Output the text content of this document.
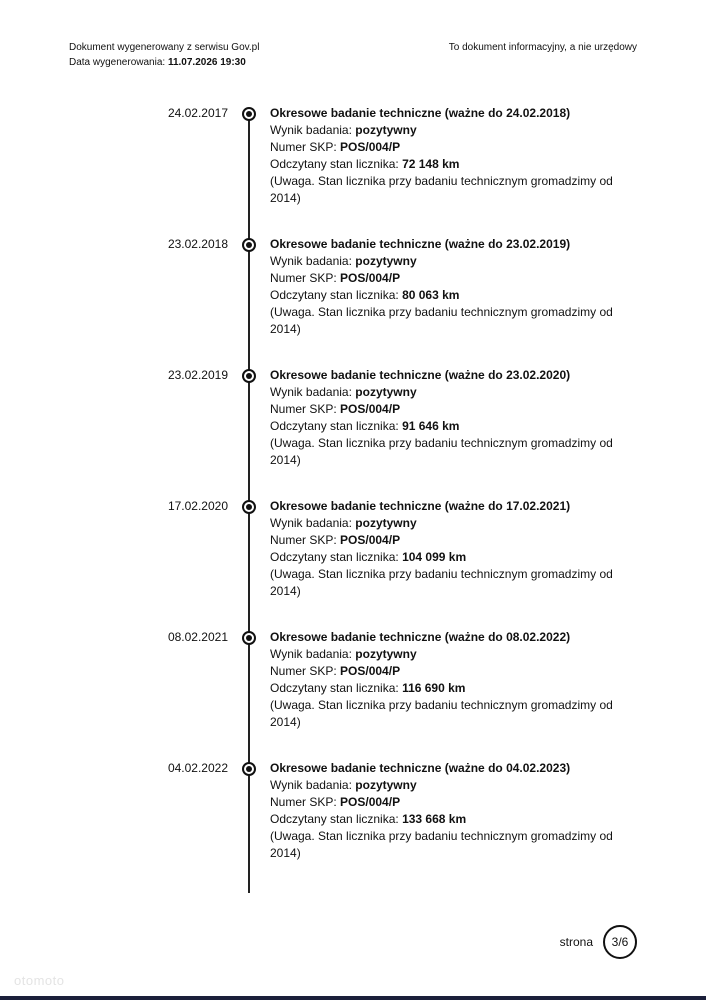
Dokument wygenerowany z serwisu Gov.pl
Data wygenerowania: 11.07.2026 19:30
To dokument informacyjny, a nie urzędowy
24.02.2017	Okresowe badanie techniczne (ważne do 24.02.2018)
Wynik badania: pozytywny
Numer SKP: POS/004/P
Odczytany stan licznika: 72 148 km
(Uwaga. Stan licznika przy badaniu technicznym gromadzimy od 2014)
23.02.2018	Okresowe badanie techniczne (ważne do 23.02.2019)
Wynik badania: pozytywny
Numer SKP: POS/004/P
Odczytany stan licznika: 80 063 km
(Uwaga. Stan licznika przy badaniu technicznym gromadzimy od 2014)
23.02.2019	Okresowe badanie techniczne (ważne do 23.02.2020)
Wynik badania: pozytywny
Numer SKP: POS/004/P
Odczytany stan licznika: 91 646 km
(Uwaga. Stan licznika przy badaniu technicznym gromadzimy od 2014)
17.02.2020	Okresowe badanie techniczne (ważne do 17.02.2021)
Wynik badania: pozytywny
Numer SKP: POS/004/P
Odczytany stan licznika: 104 099 km
(Uwaga. Stan licznika przy badaniu technicznym gromadzimy od 2014)
08.02.2021	Okresowe badanie techniczne (ważne do 08.02.2022)
Wynik badania: pozytywny
Numer SKP: POS/004/P
Odczytany stan licznika: 116 690 km
(Uwaga. Stan licznika przy badaniu technicznym gromadzimy od 2014)
04.02.2022	Okresowe badanie techniczne (ważne do 04.02.2023)
Wynik badania: pozytywny
Numer SKP: POS/004/P
Odczytany stan licznika: 133 668 km
(Uwaga. Stan licznika przy badaniu technicznym gromadzimy od 2014)
strona	3/6
otomoto
